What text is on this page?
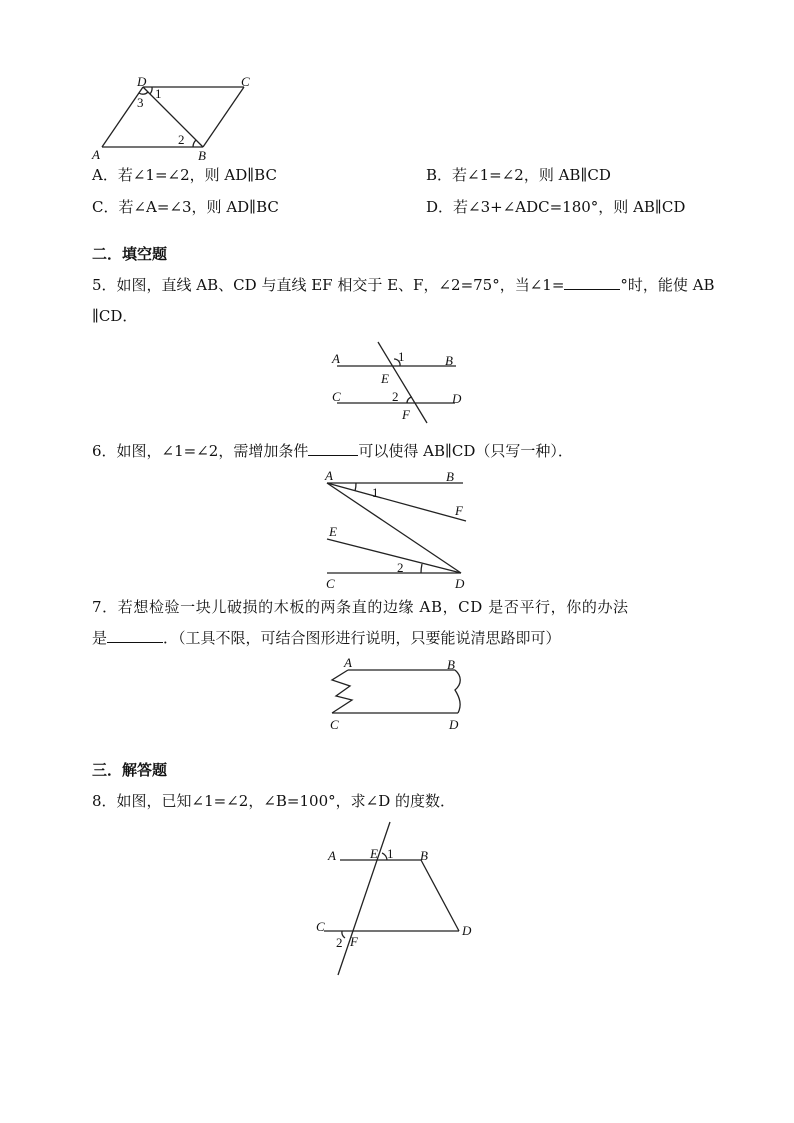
D	C
A	B
1
2
3
A．若∠1=∠2，则 AD∥BC	B．若∠1=∠2，则 AB∥CD
C．若∠A=∠3，则 AD∥BC	D．若∠3+∠ADC=180°，则 AB∥CD
二．填空题
5．如图，直线 AB、CD 与直线 EF 相交于 E、F，∠2=75°，当∠1=	°时，能使 AB
∥CD．
A	1	B
E
C	2	D
F
6．如图，∠1=∠2，需增加条件	可以使得 AB∥CD（只写一种）．
A	B
1
F
E
2
C	D
7．若想检验一块儿破损的木板的两条直的边缘 AB，CD 是否平行，你的办法
是	．（工具不限，可结合图形进行说明，只要能说清思路即可）
A	B
C	D
三．解答题
8．如图，已知∠1=∠2，∠B=100°，求∠D 的度数．
A	E 1 B
C	D
2 F
